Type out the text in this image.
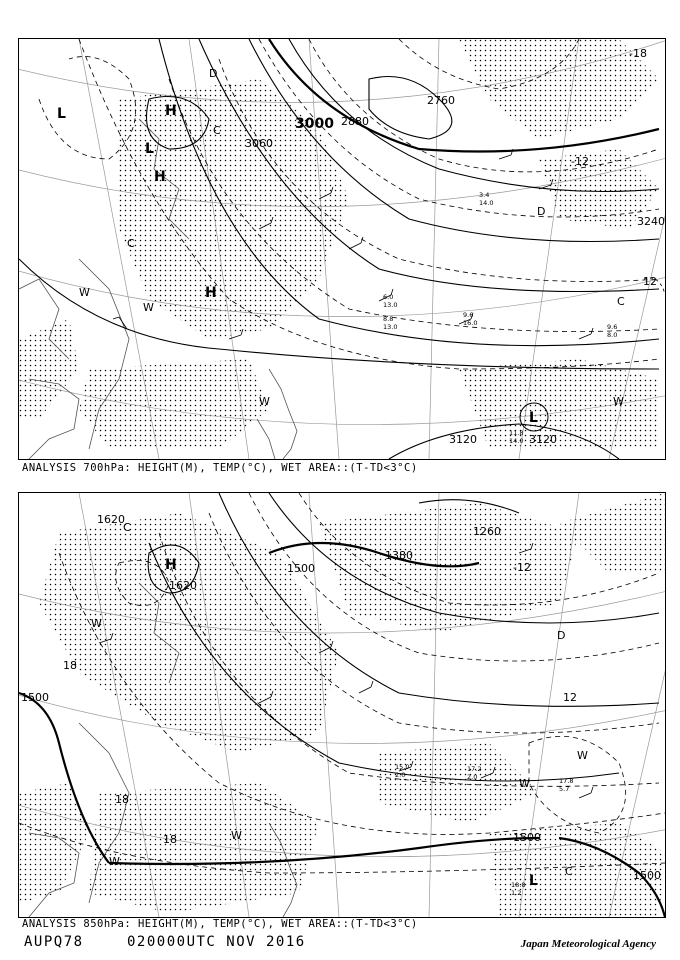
3000 2880
3060
3120	3120
3240
2760
-18
-12
12
H
H
H
L
L
L
C
C
C
W
W
W	W
D
D
9.6
8.0
9.6
16.0
6.0
13.0
8.8
13.0
11.8
14.0
3.4
14.0
ANALYSIS 700hPa: HEIGHT(M), TEMP(°C), WET AREA::(T-TD<3°C)
1500
1500
1500
1500
1380
1260
1620
1620
-12
18
18
18
12
H
L
C
C
W
W
W
W
W
D
17.2
2.0	17.8
5.7
18.8
1.2
15.0
2.0
ANALYSIS 850hPa: HEIGHT(M), TEMP(°C), WET AREA::(T-TD<3°C)
AUPQ78	020000UTC NOV 2016	Japan Meteorological Agency
